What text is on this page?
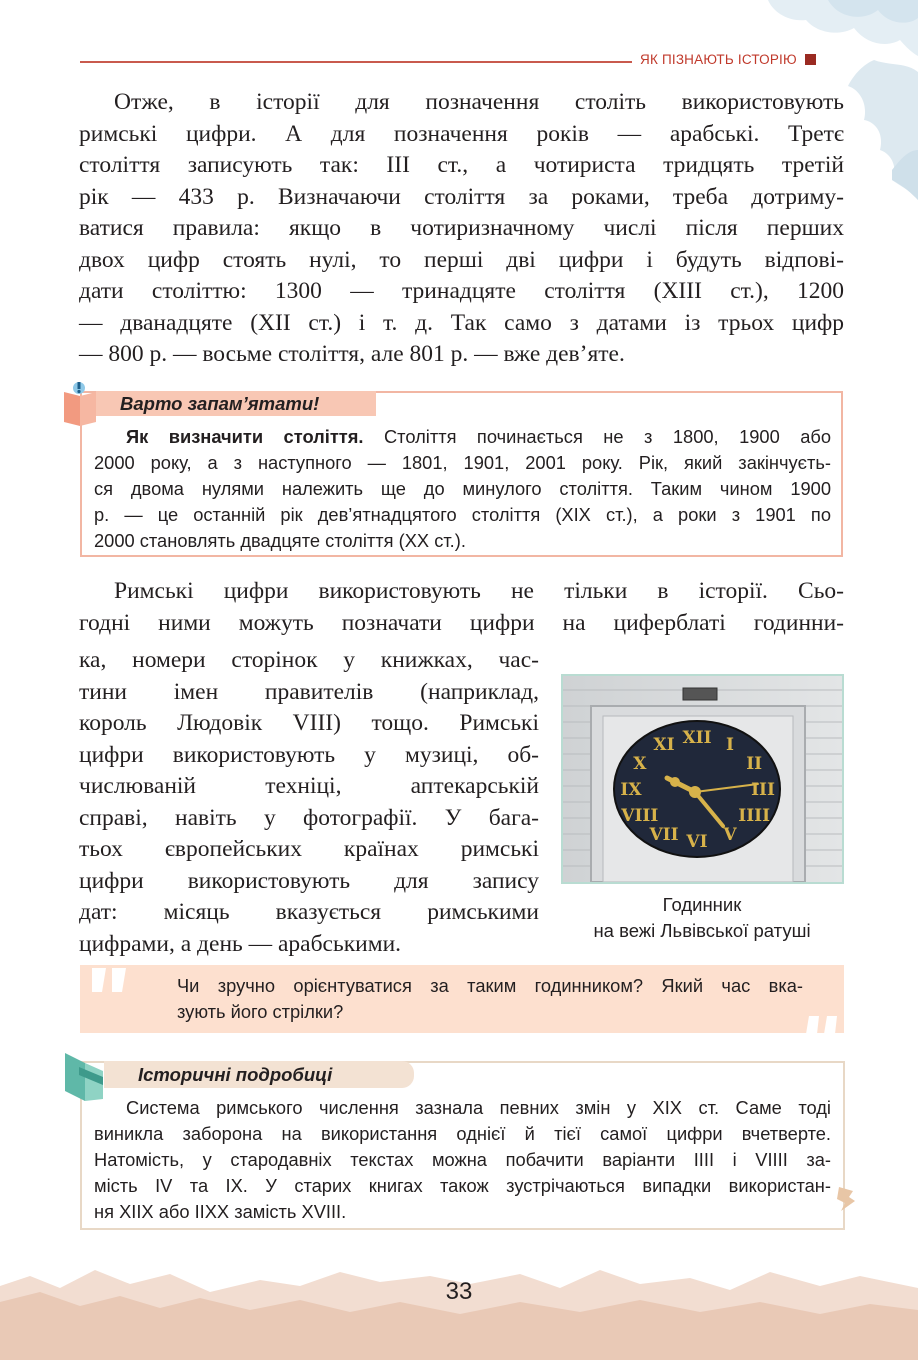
ЯК ПІЗНАЮТЬ ІСТОРІЮ
Отже, в історії для позначення століть використовують
римські цифри. А для позначення років — арабські. Третє
століття записують так: III ст., а чотириста тридцять третій
рік — 433 р. Визначаючи століття за роками, треба дотриму-
ватися правила: якщо в чотиризначному числі після перших
двох цифр стоять нулі, то перші дві цифри і будуть відпові-
дати століттю: 1300 — тринадцяте століття (XIII ст.), 1200
— дванадцяте (XII ст.) і т. д. Так само з датами із трьох цифр
— 800 р. — восьме століття, але 801 р. — вже дев’яте.
Варто запам’ятати!
Як визначити століття. Століття починається не з 1800, 1900 або
2000 року, а з наступного — 1801, 1901, 2001 року. Рік, який закінчуєть-
ся двома нулями належить ще до минулого століття. Таким чином 1900
р. — це останній рік дев’ятнадцятого століття (XIX ст.), а роки з 1901 по
2000 становлять двадцяте століття (XX ст.).
Римські цифри використовують не тільки в історії. Сьо-
годні ними можуть позначати цифри на циферблаті годинни-
ка, номери сторінок у книжках, час-
тини імен правителів (наприклад,
король Людовік VIII) тощо. Римські
цифри використовують у музиці, об-
числюваній техніці, аптекарській
справі, навіть у фотографії. У бага-
тьох європейських країнах римські
цифри використовують для запису
дат: місяць вказується римськими
цифрами, а день — арабськими.
XII I
II
III
IIII
V
VI
VII
VIII
IX
X
XI
Годинник
на вежі Львівської ратуші
Чи зручно орієнтуватися за таким годинником? Який час вка-
зують його стрілки?
Історичні подробиці
Система римського числення зазнала певних змін у XIX ст. Саме тоді
виникла заборона на використання однієї й тієї самої цифри вчетверте.
Натомість, у стародавніх текстах можна побачити варіанти IIII і VIIII за-
міcть IV та IX. У старих книгах також зустрічаються випадки використан-
ня XIIX або IIXX замість XVIII.
33
